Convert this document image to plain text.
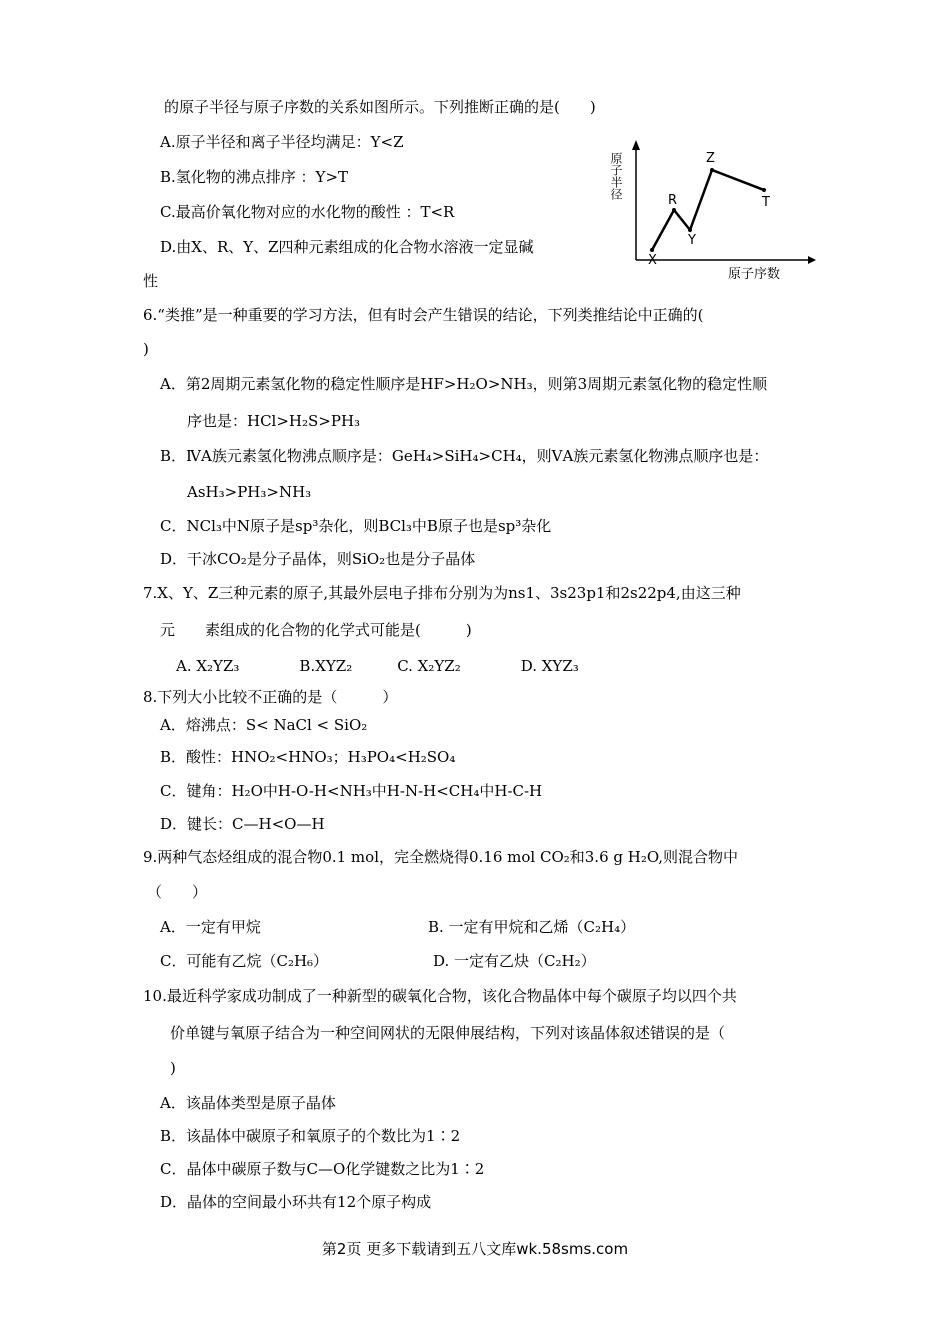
的原子半径与原子序数的关系如图所示。下列推断正确的是(　　)
A.原子半径和离子半径均满足：Y<Z
B.氢化物的沸点排序 ：Y>T
C.最高价氧化物对应的水化物的酸性 ：T<R
D.由X、R、Y、Z四种元素组成的化合物水溶液一定显碱
性
原子半径
原子序数
X
R
Y
Z
T
6.“类推”是一种重要的学习方法，但有时会产生错误的结论，下列类推结论中正确的(
)
A．第2周期元素氢化物的稳定性顺序是HF>H₂O>NH₃，则第3周期元素氢化物的稳定性顺
序也是：HCl>H₂S>PH₃
B．ⅣA族元素氢化物沸点顺序是：GeH₄>SiH₄>CH₄，则ⅤA族元素氢化物沸点顺序也是：
AsH₃>PH₃>NH₃
C．NCl₃中N原子是sp³杂化，则BCl₃中B原子也是sp³杂化
D．干冰CO₂是分子晶体，则SiO₂也是分子晶体
7.X、Y、Z三种元素的原子,其最外层电子排布分别为为ns1、3s23p1和2s22p4,由这三种
元　　素组成的化合物的化学式可能是(　　　)
A. X₂YZ₃　　　　B.XYZ₂　　　C. X₂YZ₂　　　　D. XYZ₃
8.下列大小比较不正确的是（　　　）
A．熔沸点：S< NaCl < SiO₂
B．酸性：HNO₂<HNO₃；H₃PO₄<H₂SO₄
C．键角：H₂O中H-O-H<NH₃中H-N-H<CH₄中H-C-H
D．键长：C—H<O—H
9.两种气态烃组成的混合物0.1 mol，完全燃烧得0.16 mol CO₂和3.6 g H₂O,则混合物中
（　　）
A．一定有甲烷	B. 一定有甲烷和乙烯（C₂H₄）
C．可能有乙烷（C₂H₆）	D. 一定有乙炔（C₂H₂）
10.最近科学家成功制成了一种新型的碳氧化合物，该化合物晶体中每个碳原子均以四个共
价单键与氧原子结合为一种空间网状的无限伸展结构，下列对该晶体叙述错误的是（
)
A．该晶体类型是原子晶体
B．该晶体中碳原子和氧原子的个数比为1∶2
C．晶体中碳原子数与C—O化学键数之比为1∶2
D．晶体的空间最小环共有12个原子构成
第2页 更多下载请到五八文库wk.58sms.com
